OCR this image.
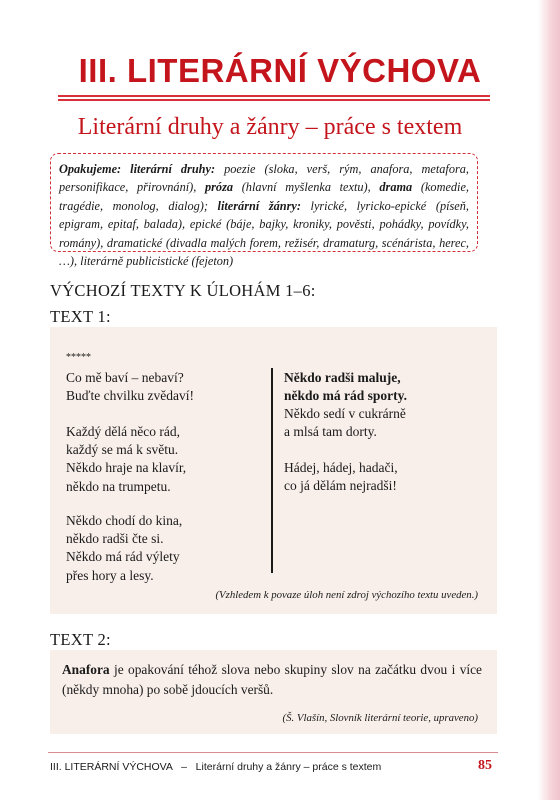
III. LITERÁRNÍ VÝCHOVA
Literární druhy a žánry – práce s textem
Opakujeme: literární druhy: poezie (sloka, verš, rým, anafora, metafora, personifikace, přirovnání), próza (hlavní myšlenka textu), drama (komedie, tragédie, monolog, dialog); literární žánry: lyrické, lyricko-epické (píseň, epigram, epitaf, balada), epické (báje, bajky, kroniky, pověsti, pohádky, povídky, romány), dramatické (divadla malých forem, režisér, dramaturg, scénárista, herec, …), literárně publicistické (fejeton)
VÝCHOZÍ TEXTY K ÚLOHÁM 1–6:
TEXT 1:
*****
Co mě baví – nebaví?
Buďte chvilku zvědaví!
Každý dělá něco rád,
každý se má k světu.
Někdo hraje na klavír,
někdo na trumpetu.
Někdo chodí do kina,
někdo radši čte si.
Někdo má rád výlety
přes hory a lesy.
Někdo radši maluje,
někdo má rád sporty.
Někdo sedí v cukrárně
a mlsá tam dorty.
Hádej, hádej, hadači,
co já dělám nejradši!
(Vzhledem k povaze úloh není zdroj výchozího textu uveden.)
TEXT 2:
Anafora je opakování téhož slova nebo skupiny slov na začátku dvou i více (někdy mnoha) po sobě jdoucích veršů.
(Š. Vlašín, Slovník literární teorie, upraveno)
III. LITERÁRNÍ VÝCHOVA   –   Literární druhy a žánry – práce s textem	85
